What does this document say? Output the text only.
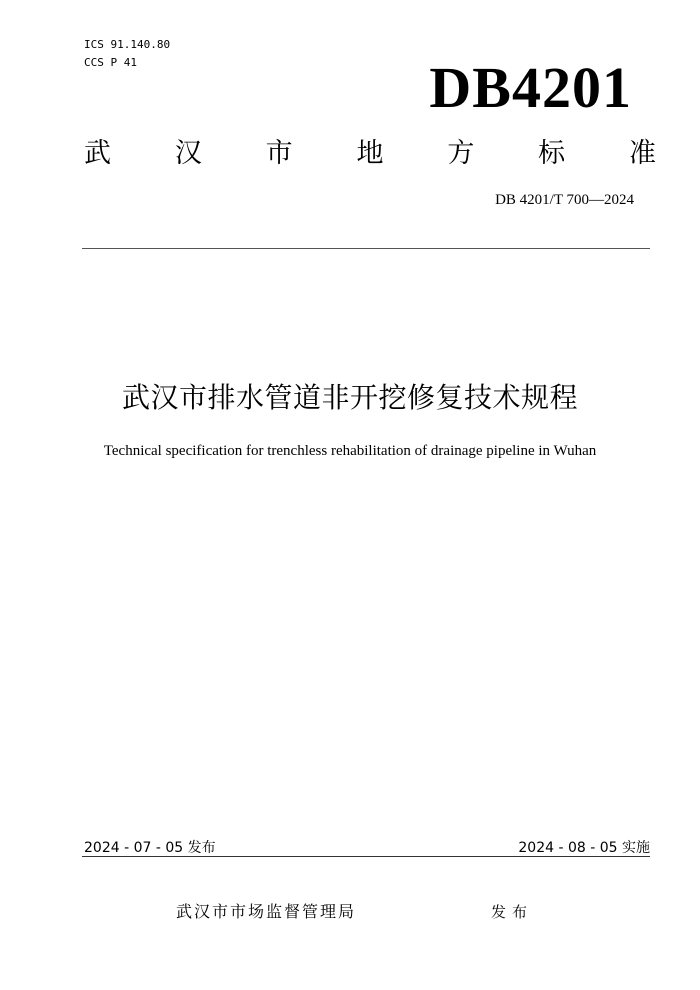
ICS 91.140.80
CCS P 41	DB4201
武 汉 市 地 方 标 准
DB 4201/T 700—2024
武汉市排水管道非开挖修复技术规程
Technical specification for trenchless rehabilitation of drainage pipeline in Wuhan
2024 - 07 - 05 发布	2024 - 08 - 05 实施
武汉市市场监督管理局	发布
